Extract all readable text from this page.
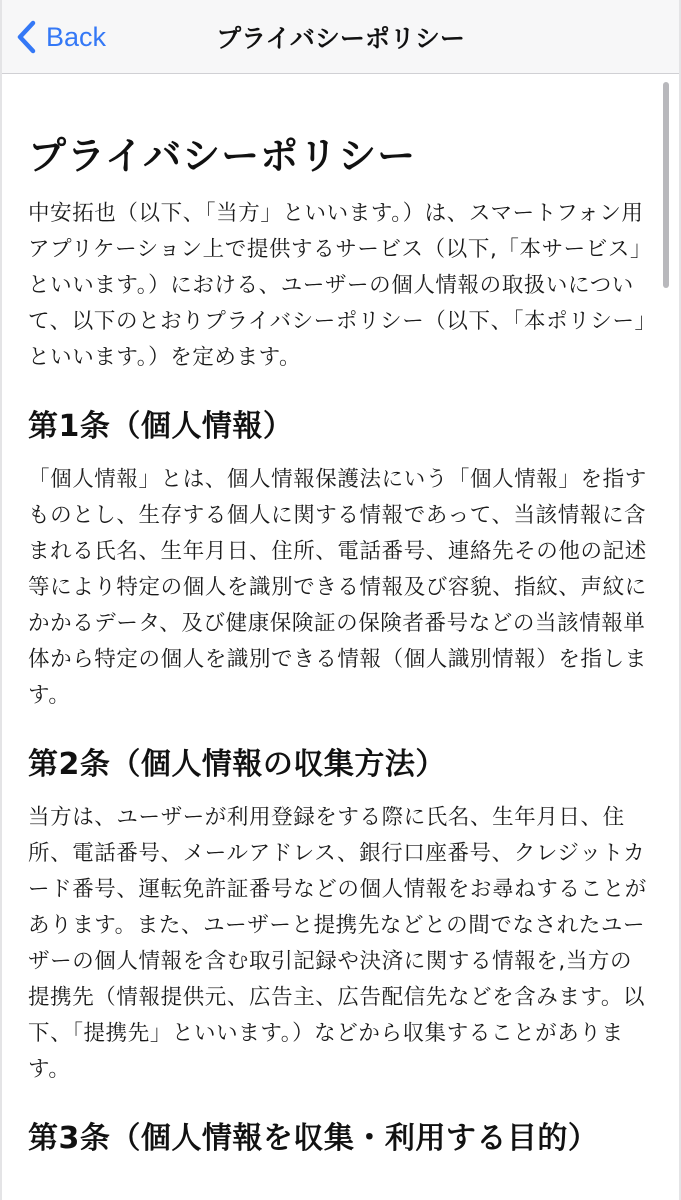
Back	プライバシーポリシー
プライバシーポリシー

中安拓也（以下、「当方」といいます。）は、スマートフォン用アプリケーション上で提供するサービス（以下,「本サービス」といいます。）における、ユーザーの個人情報の取扱いについて、以下のとおりプライバシーポリシー（以下、「本ポリシー」といいます。）を定めます。

第1条（個人情報）

「個人情報」とは、個人情報保護法にいう「個人情報」を指すものとし、生存する個人に関する情報であって、当該情報に含まれる氏名、生年月日、住所、電話番号、連絡先その他の記述等により特定の個人を識別できる情報及び容貌、指紋、声紋にかかるデータ、及び健康保険証の保険者番号などの当該情報単体から特定の個人を識別できる情報（個人識別情報）を指します。

第2条（個人情報の収集方法）

当方は、ユーザーが利用登録をする際に氏名、生年月日、住所、電話番号、メールアドレス、銀行口座番号、クレジットカード番号、運転免許証番号などの個人情報をお尋ねすることがあります。また、ユーザーと提携先などとの間でなされたユーザーの個人情報を含む取引記録や決済に関する情報を,当方の提携先（情報提供元、広告主、広告配信先などを含みます。以下、「提携先」といいます。）などから収集することがあります。

第3条（個人情報を収集・利用する目的）
